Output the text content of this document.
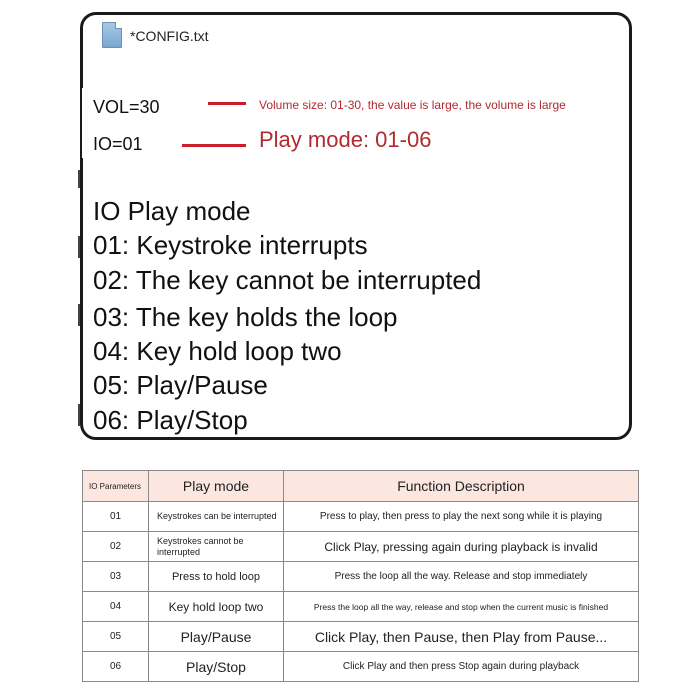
*CONFIG.txt
VOL=30	Volume size: 01-30, the value is large, the volume is large
IO=01	Play mode: 01-06
IO Play mode
01: Keystroke interrupts
02: The key cannot be interrupted
03: The key holds the loop
04: Key hold loop two
05: Play/Pause
06: Play/Stop
IO Parameters	Play mode	Function Description
01	Keystrokes can be interrupted	Press to play, then press to play the next song while it is playing
02	Keystrokes cannot be interrupted	Click Play, pressing again during playback is invalid
03	Press to hold loop	Press the loop all the way. Release and stop immediately
04	Key hold loop two	Press the loop all the way, release and stop when the current music is finished
05	Play/Pause	Click Play, then Pause, then Play from Pause...
06	Play/Stop	Click Play and then press Stop again during playback
